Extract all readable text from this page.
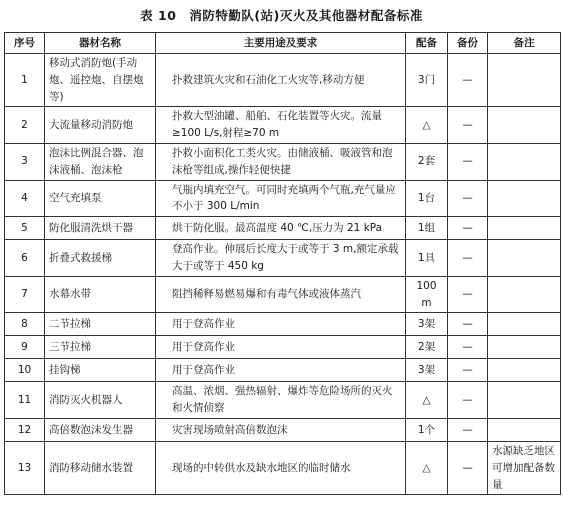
表 10　消防特勤队(站)灭火及其他器材配备标准
序号	器材名称	主要用途及要求	配备	备份	备注
1	移动式消防炮(手动炮、遥控炮、自摆炮等)	扑救建筑火灾和石油化工火灾等,移动方便	3门	—	
2	大流量移动消防炮	扑救大型油罐、船舶、石化装置等火灾。流量≥100 L/s,射程≥70 m	△	—	
3	泡沫比例混合器、泡沫液桶、泡沫枪	扑救小面积化工类火灾。由储液桶、吸液管和泡沫枪等组成,操作轻便快捷	2套	—	
4	空气充填泵	气瓶内填充空气。可同时充填两个气瓶,充气量应不小于 300 L/min	1台	—	
5	防化服清洗烘干器	烘干防化服。最高温度 40 ℃,压力为 21 kPa	1组	—	
6	折叠式救援梯	登高作业。伸展后长度大于或等于 3 m,额定承载大于或等于 450 kg	1具	—	
7	水幕水带	阻挡稀释易燃易爆和有毒气体或液体蒸汽	100 m	—	
8	二节拉梯	用于登高作业	3架	—	
9	三节拉梯	用于登高作业	2架	—	
10	挂钩梯	用于登高作业	3架	—	
11	消防灭火机器人	高温、浓烟、强热辐射、爆炸等危险场所的灭火和火情侦察	△	—	
12	高倍数泡沫发生器	灾害现场喷射高倍数泡沫	1个	—	
13	消防移动储水装置	现场的中转供水及缺水地区的临时储水	△	—	水源缺乏地区可增加配备数量
